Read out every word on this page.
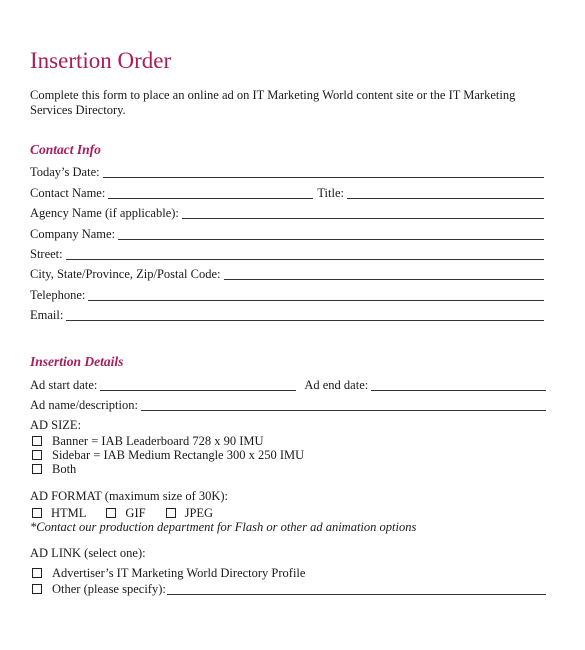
Insertion Order
Complete this form to place an online ad on IT Marketing World content site or the IT Marketing Services Directory.
Contact Info
Today’s Date:
Contact Name:	Title:
Agency Name (if applicable):
Company Name:
Street:
City, State/Province, Zip/Postal Code:
Telephone:
Email:
Insertion Details
Ad start date:	Ad end date:
Ad name/description:
AD SIZE:
Banner = IAB Leaderboard 728 x 90 IMU
Sidebar = IAB Medium Rectangle 300 x 250 IMU
Both
AD FORMAT (maximum size of 30K):
HTML	GIF	JPEG
*Contact our production department for Flash or other ad animation options
AD LINK (select one):
Advertiser’s IT Marketing World Directory Profile
Other (please specify):
